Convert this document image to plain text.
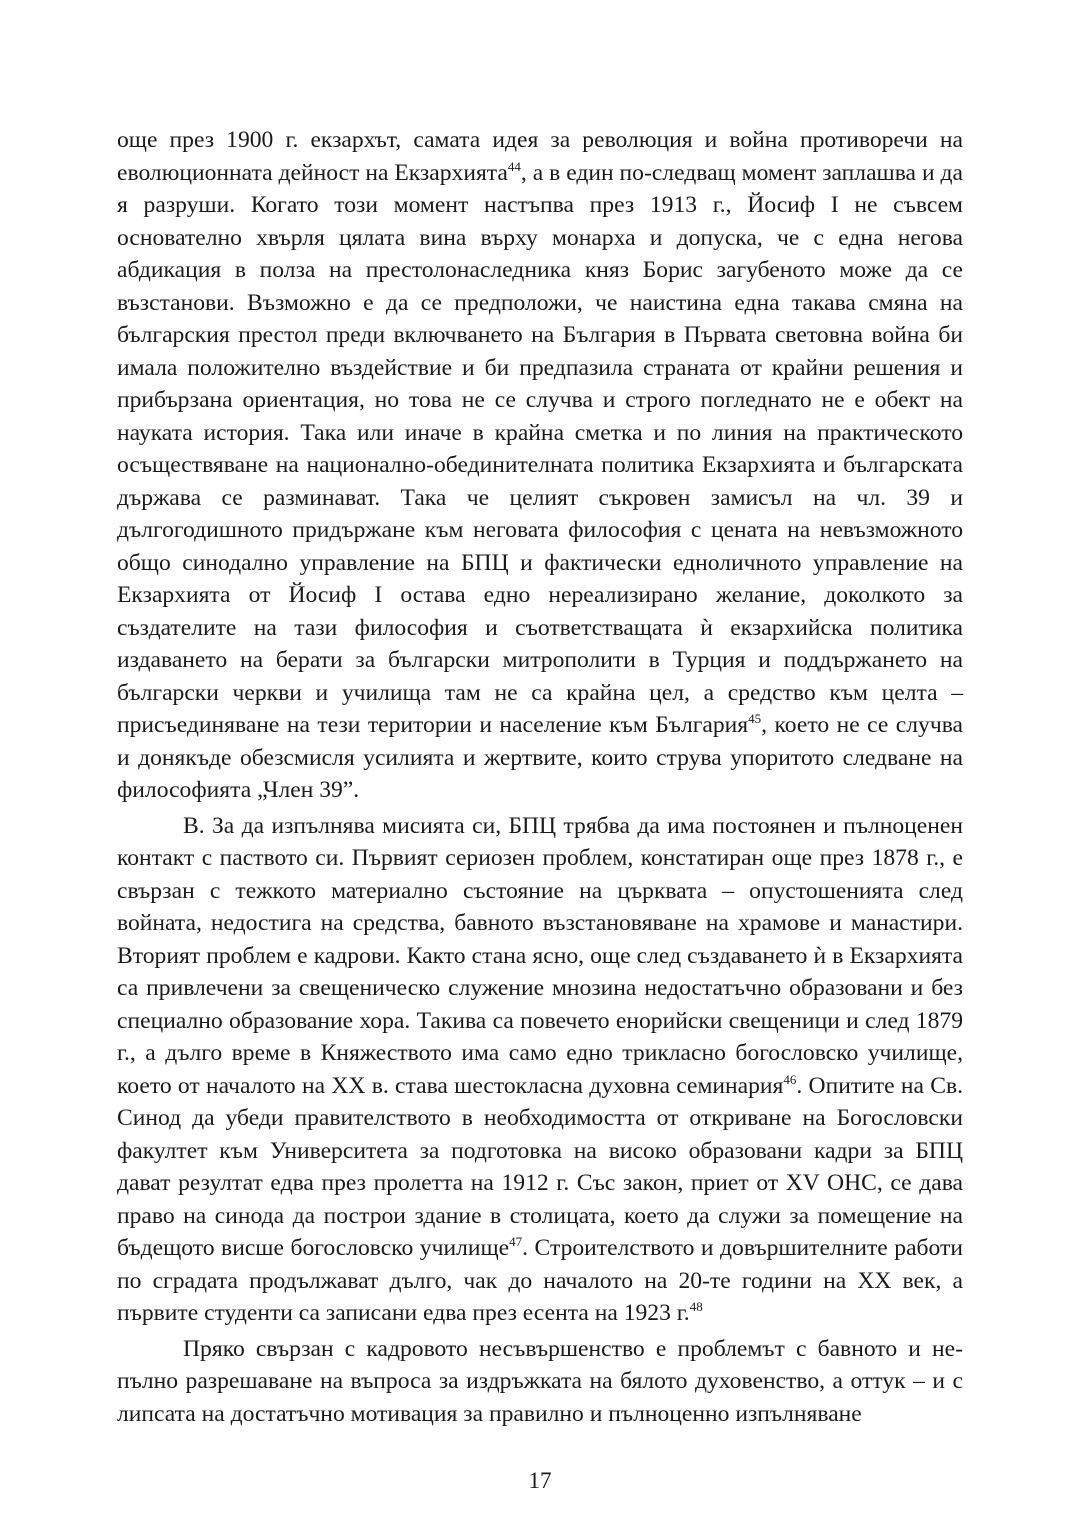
още през 1900 г. екзархът, самата идея за революция и война противоречи на еволюционната дейност на Екзархията$^{44}$, а в един по-следващ момент заплашва и да я разруши. Когато този момент настъпва през 1913 г., Йосиф I не съвсем основателно хвърля цялата вина върху монарха и допуска, че с една негова абдикация в полза на престолонаследника княз Борис загубеното може да се възстанови. Възможно е да се предположи, че наистина една такава смяна на българския престол преди включването на България в Първата световна война би имала положително въздействие и би предпазила страната от крайни решения и прибързана ориентация, но това не се случва и строго погледнато не е обект на науката история. Така или иначе в крайна сметка и по линия на практическото осъществяване на национално-обединителната политика Екзархията и българската държава се разминават. Така че целият съкровен замисъл на чл. 39 и дългогодишното придържане към неговата философия с цената на невъзможното общо синодално управление на БПЦ и фактически едноличното управление на Екзархията от Йосиф I остава едно нереализирано желание, доколкото за създателите на тази философия и съответстващата ѝ екзархийска политика издаването на берати за български митрополити в Турция и поддържането на български черкви и училища там не са крайна цел, а средство към целта – присъединяване на тези територии и население към България$^{45}$, което не се случва и донякъде обезсмисля усилията и жертвите, които струва упоритото следване на философията „Член 39”.

В. За да изпълнява мисията си, БПЦ трябва да има постоянен и пълноценен контакт с паството си. Първият сериозен проблем, констатиран още през 1878 г., е свързан с тежкото материално състояние на църквата – опустошенията след войната, недостига на средства, бавното възстановяване на храмове и манастири. Вторият проблем е кадрови. Както стана ясно, още след създаването ѝ в Екзархията са привлечени за свещеническо служение мнозина недостатъчно образовани и без специално образование хора. Такива са повечето енорийски свещеници и след 1879 г., а дълго време в Княжеството има само едно трикласно богословско училище, което от началото на XX в. става шестокласна духовна семинария$^{46}$. Опитите на Св. Синод да убеди правителството в необходимостта от откриване на Богословски факултет към Университета за подготовка на високо образовани кадри за БПЦ дават резултат едва през пролетта на 1912 г. Със закон, приет от XV ОНС, се дава право на синода да построи здание в столицата, което да служи за помещение на бъдещото висше богословско училище$^{47}$. Строителството и довършителните работи по сградата продължават дълго, чак до началото на 20-те години на XX век, а първите студенти са записани едва през есента на 1923 г.$^{48}$

Пряко свързан с кадровото несъвършенство е проблемът с бавното и непълно разрешаване на въпроса за издръжката на бялото духовенство, а оттук – и с липсата на достатъчно мотивация за правилно и пълноценно изпълняване

17
